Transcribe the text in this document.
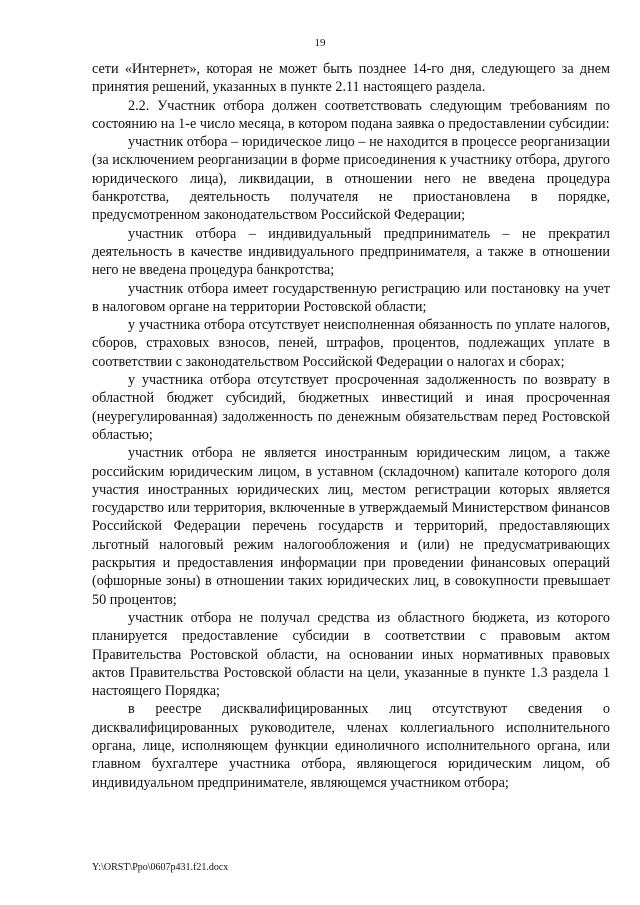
19

сети «Интернет», которая не может быть позднее 14-го дня, следующего за днем принятия решений, указанных в пункте 2.11 настоящего раздела.

2.2. Участник отбора должен соответствовать следующим требованиям по состоянию на 1-е число месяца, в котором подана заявка о предоставлении субсидии:

участник отбора – юридическое лицо – не находится в процессе реорганизации (за исключением реорганизации в форме присоединения к участнику отбора, другого юридического лица), ликвидации, в отношении него не введена процедура банкротства, деятельность получателя не приостановлена в порядке, предусмотренном законодательством Российской Федерации;

участник отбора – индивидуальный предприниматель – не прекратил деятельность в качестве индивидуального предпринимателя, а также в отношении него не введена процедура банкротства;

участник отбора имеет государственную регистрацию или постановку на учет в налоговом органе на территории Ростовской области;

у участника отбора отсутствует неисполненная обязанность по уплате налогов, сборов, страховых взносов, пеней, штрафов, процентов, подлежащих уплате в соответствии с законодательством Российской Федерации о налогах и сборах;

у участника отбора отсутствует просроченная задолженность по возврату в областной бюджет субсидий, бюджетных инвестиций и иная просроченная (неурегулированная) задолженность по денежным обязательствам перед Ростовской областью;

участник отбора не является иностранным юридическим лицом, а также российским юридическим лицом, в уставном (складочном) капитале которого доля участия иностранных юридических лиц, местом регистрации которых является государство или территория, включенные в утверждаемый Министерством финансов Российской Федерации перечень государств и территорий, предоставляющих льготный налоговый режим налогообложения и (или) не предусматривающих раскрытия и предоставления информации при проведении финансовых операций (офшорные зоны) в отношении таких юридических лиц, в совокупности превышает 50 процентов;

участник отбора не получал средства из областного бюджета, из которого планируется предоставление субсидии в соответствии с правовым актом Правительства Ростовской области, на основании иных нормативных правовых актов Правительства Ростовской области на цели, указанные в пункте 1.3 раздела 1 настоящего Порядка;

в реестре дисквалифицированных лиц отсутствуют сведения о дисквалифицированных руководителе, членах коллегиального исполнительного органа, лице, исполняющем функции единоличного исполнительного органа, или главном бухгалтере участника отбора, являющегося юридическим лицом, об индивидуальном предпринимателе, являющемся участником отбора;

Y:\ORST\Ppo\0607p431.f21.docx
